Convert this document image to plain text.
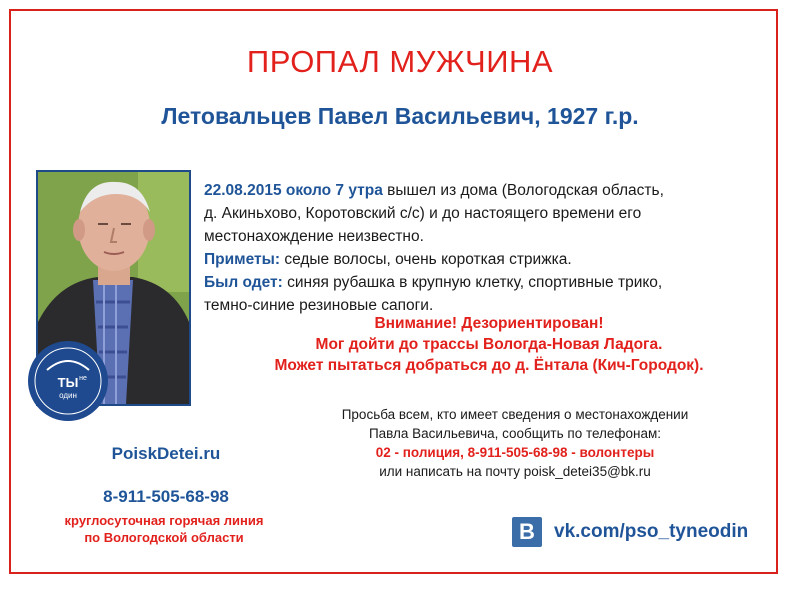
ПРОПАЛ МУЖЧИНА
Летовальцев Павел Васильевич, 1927 г.р.
ТЫ не
один

22.08.2015 около 7 утра вышел из дома (Вологодская область,

д. Акиньхово, Коротовский с/с) и до настоящего времени его

местонахождение неизвестно.

Приметы: седые волосы, очень короткая стрижка.

Был одет: синяя рубашка в крупную клетку, спортивные трико,

темно-синие резиновые сапоги.

Внимание! Дезориентирован!
Мог дойти до трассы Вологда-Новая Ладога.
Может пытаться добраться до д. Ёнтала (Кич-Городок).
Просьба всем, кто имеет сведения о местонахождении
Павла Васильевича, сообщить по телефонам:
02 - полиция, 8-911-505-68-98 - волонтеры
или написать на почту poisk_detei35@bk.ru
PoiskDetei.ru
8-911-505-68-98
круглосуточная горячая линия
по Вологодской области	B	vk.com/pso_tyneodin
